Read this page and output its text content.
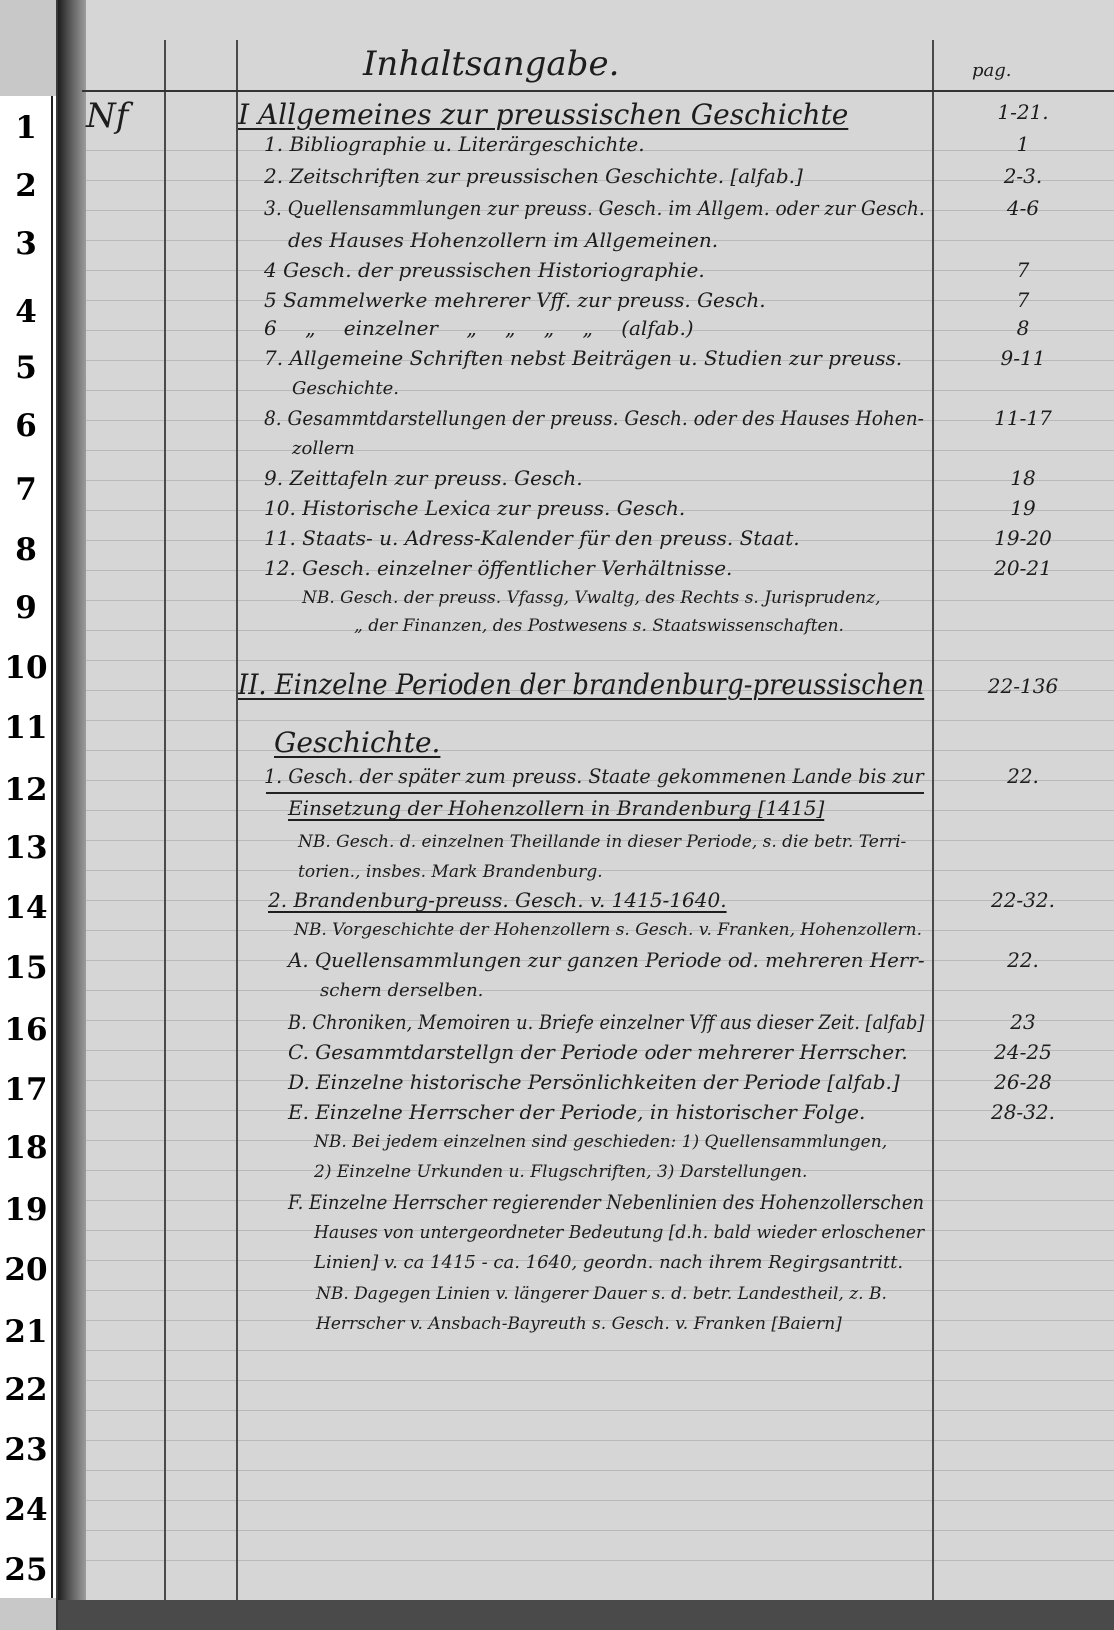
1
2
3
4
5
6
7
8
9
10
11
12
13
14
15
16
17
18
19
20
21
22
23
24
25
Inhaltsangabe.	pag.
Nf	I Allgemeines zur preussischen Geschichte	1-21.
1. Bibliographie u. Literärgeschichte.	1
2. Zeitschriften zur preussischen Geschichte. [alfab.]	2-3.
3. Quellensammlungen zur preuss. Gesch. im Allgem. oder zur Gesch.	4-6
des Hauses Hohenzollern im Allgemeinen.
4 Gesch. der preussischen Historiographie.	7
5 Sammelwerke mehrerer Vff. zur preuss. Gesch.	7
6 „ einzelner „ „ „ „ (alfab.)	8
7. Allgemeine Schriften nebst Beiträgen u. Studien zur preuss.	9-11
Geschichte.
8. Gesammtdarstellungen der preuss. Gesch. oder des Hauses Hohen-	11-17
zollern
9. Zeittafeln zur preuss. Gesch.	18
10. Historische Lexica zur preuss. Gesch.	19
11. Staats- u. Adress-Kalender für den preuss. Staat.	19-20
12. Gesch. einzelner öffentlicher Verhältnisse.	20-21
NB. Gesch. der preuss. Vfassg, Vwaltg, des Rechts s. Jurisprudenz,
„ der Finanzen, des Postwesens s. Staatswissenschaften.
II. Einzelne Perioden der brandenburg-preussischen	22-136
Geschichte.
1. Gesch. der später zum preuss. Staate gekommenen Lande bis zur	22.
Einsetzung der Hohenzollern in Brandenburg [1415]
NB. Gesch. d. einzelnen Theillande in dieser Periode, s. die betr. Terri-
torien., insbes. Mark Brandenburg.
2. Brandenburg-preuss. Gesch. v. 1415-1640.	22-32.
NB. Vorgeschichte der Hohenzollern s. Gesch. v. Franken, Hohenzollern.
A. Quellensammlungen zur ganzen Periode od. mehreren Herr-	22.
schern derselben.
B. Chroniken, Memoiren u. Briefe einzelner Vff aus dieser Zeit. [alfab]	23
C. Gesammtdarstellgn der Periode oder mehrerer Herrscher.	24-25
D. Einzelne historische Persönlichkeiten der Periode [alfab.]	26-28
E. Einzelne Herrscher der Periode, in historischer Folge.	28-32.
NB. Bei jedem einzelnen sind geschieden: 1) Quellensammlungen,
2) Einzelne Urkunden u. Flugschriften, 3) Darstellungen.
F. Einzelne Herrscher regierender Nebenlinien des Hohenzollerschen
Hauses von untergeordneter Bedeutung [d.h. bald wieder erloschener
Linien] v. ca 1415 - ca. 1640, geordn. nach ihrem Regirgsantritt.
NB. Dagegen Linien v. längerer Dauer s. d. betr. Landestheil, z. B.
Herrscher v. Ansbach-Bayreuth s. Gesch. v. Franken [Baiern]
